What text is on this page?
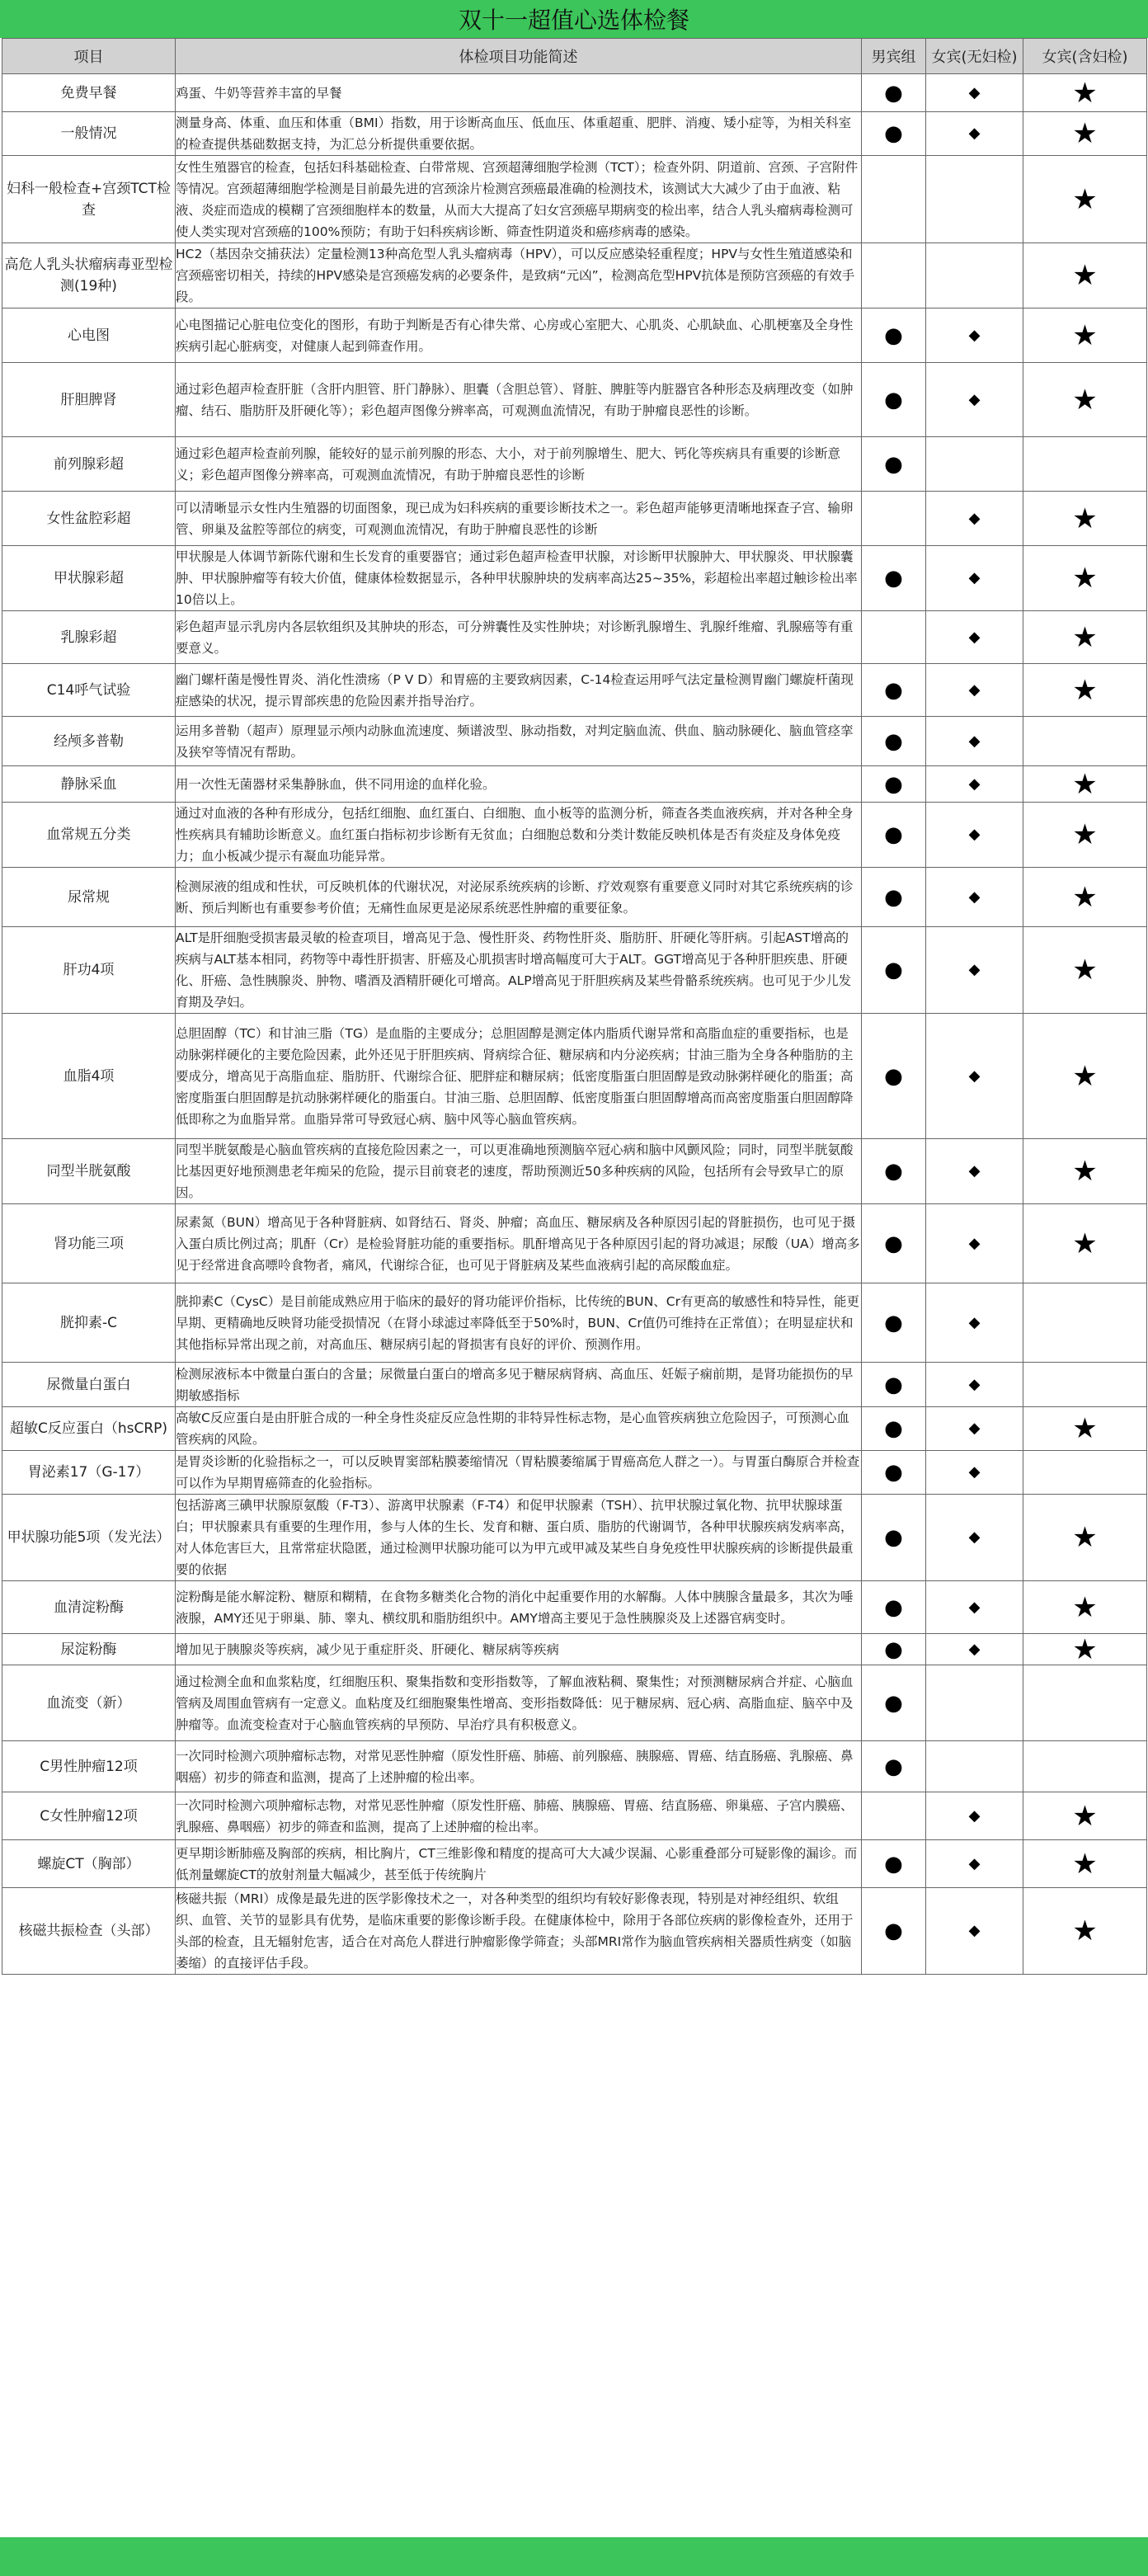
双十一超值心选体检餐
项目	体检项目功能简述	男宾组	女宾(无妇检)	女宾(含妇检)
免费早餐	鸡蛋、牛奶等营养丰富的早餐	●	◆	★
一般情况	测量身高、体重、血压和体重（BMI）指数，用于诊断高血压、低血压、体重超重、肥胖、消瘦、矮小症等，为相关科室的检查提供基础数据支持，为汇总分析提供重要依据。	●	◆	★
妇科一般检查+宫颈TCT检查	女性生殖器官的检查，包括妇科基础检查、白带常规、宫颈超薄细胞学检测（TCT）；检查外阴、阴道前、宫颈、子宫附件等情况。宫颈超薄细胞学检测是目前最先进的宫颈涂片检测宫颈癌最准确的检测技术，该测试大大减少了由于血液、粘液、炎症而造成的模糊了宫颈细胞样本的数量，从而大大提高了妇女宫颈癌早期病变的检出率，结合人乳头瘤病毒检测可使人类实现对宫颈癌的100%预防；有助于妇科疾病诊断、筛查性阴道炎和癌疹病毒的感染。			★
高危人乳头状瘤病毒亚型检测(19种)	HC2（基因杂交捕获法）定量检测13种高危型人乳头瘤病毒（HPV），可以反应感染轻重程度；HPV与女性生殖道感染和宫颈癌密切相关，持续的HPV感染是宫颈癌发病的必要条件，是致病“元凶”，检测高危型HPV抗体是预防宫颈癌的有效手段。			★
心电图	心电图描记心脏电位变化的图形，有助于判断是否有心律失常、心房或心室肥大、心肌炎、心肌缺血、心肌梗塞及全身性疾病引起心脏病变，对健康人起到筛查作用。	●	◆	★
肝胆脾肾	通过彩色超声检查肝脏（含肝内胆管、肝门静脉）、胆囊（含胆总管）、肾脏、脾脏等内脏器官各种形态及病理改变（如肿瘤、结石、脂肪肝及肝硬化等）；彩色超声图像分辨率高，可观测血流情况，有助于肿瘤良恶性的诊断。	●	◆	★
前列腺彩超	通过彩色超声检查前列腺，能较好的显示前列腺的形态、大小，对于前列腺增生、肥大、钙化等疾病具有重要的诊断意义；彩色超声图像分辨率高，可观测血流情况，有助于肿瘤良恶性的诊断	●		
女性盆腔彩超	可以清晰显示女性内生殖器的切面图象，现已成为妇科疾病的重要诊断技术之一。彩色超声能够更清晰地探查子宫、输卵管、卵巢及盆腔等部位的病变，可观测血流情况，有助于肿瘤良恶性的诊断		◆	★
甲状腺彩超	甲状腺是人体调节新陈代谢和生长发育的重要器官；通过彩色超声检查甲状腺，对诊断甲状腺肿大、甲状腺炎、甲状腺囊肿、甲状腺肿瘤等有较大价值，健康体检数据显示，各种甲状腺肿块的发病率高达25~35%，彩超检出率超过触诊检出率10倍以上。	●	◆	★
乳腺彩超	彩色超声显示乳房内各层软组织及其肿块的形态，可分辨囊性及实性肿块；对诊断乳腺增生、乳腺纤维瘤、乳腺癌等有重要意义。		◆	★
C14呼气试验	幽门螺杆菌是慢性胃炎、消化性溃疡（P V D）和胃癌的主要致病因素，C-14检查运用呼气法定量检测胃幽门螺旋杆菌现症感染的状况，提示胃部疾患的危险因素并指导治疗。	●	◆	★
经颅多普勒	运用多普勒（超声）原理显示颅内动脉血流速度、频谱波型、脉动指数，对判定脑血流、供血、脑动脉硬化、脑血管痉挛及狭窄等情况有帮助。	●	◆	
静脉采血	用一次性无菌器材采集静脉血，供不同用途的血样化验。	●	◆	★
血常规五分类	通过对血液的各种有形成分，包括红细胞、血红蛋白、白细胞、血小板等的监测分析，筛查各类血液疾病，并对各种全身性疾病具有辅助诊断意义。血红蛋白指标初步诊断有无贫血；白细胞总数和分类计数能反映机体是否有炎症及身体免疫力；血小板减少提示有凝血功能异常。	●	◆	★
尿常规	检测尿液的组成和性状，可反映机体的代谢状况，对泌尿系统疾病的诊断、疗效观察有重要意义同时对其它系统疾病的诊断、预后判断也有重要参考价值；无痛性血尿更是泌尿系统恶性肿瘤的重要征象。	●	◆	★
肝功4项	ALT是肝细胞受损害最灵敏的检查项目，增高见于急、慢性肝炎、药物性肝炎、脂肪肝、肝硬化等肝病。引起AST增高的疾病与ALT基本相同，药物等中毒性肝损害、肝癌及心肌损害时增高幅度可大于ALT。GGT增高见于各种肝胆疾患、肝硬化、肝癌、急性胰腺炎、肿物、嗜酒及酒精肝硬化可增高。ALP增高见于肝胆疾病及某些骨骼系统疾病。也可见于少儿发育期及孕妇。	●	◆	★
血脂4项	总胆固醇（TC）和甘油三脂（TG）是血脂的主要成分；总胆固醇是测定体内脂质代谢异常和高脂血症的重要指标，也是动脉粥样硬化的主要危险因素，此外还见于肝胆疾病、肾病综合征、糖尿病和内分泌疾病；甘油三脂为全身各种脂肪的主要成分，增高见于高脂血症、脂肪肝、代谢综合征、肥胖症和糖尿病；低密度脂蛋白胆固醇是致动脉粥样硬化的脂蛋；高密度脂蛋白胆固醇是抗动脉粥样硬化的脂蛋白。甘油三脂、总胆固醇、低密度脂蛋白胆固醇增高而高密度脂蛋白胆固醇降低即称之为血脂异常。血脂异常可导致冠心病、脑中风等心脑血管疾病。	●	◆	★
同型半胱氨酸	同型半胱氨酸是心脑血管疾病的直接危险因素之一，可以更准确地预测脑卒冠心病和脑中风颤风险；同时，同型半胱氨酸比基因更好地预测患老年痴呆的危险，提示目前衰老的速度，帮助预测近50多种疾病的风险，包括所有会导致早亡的原因。	●	◆	★
肾功能三项	尿素氮（BUN）增高见于各种肾脏病、如肾结石、肾炎、肿瘤；高血压、糖尿病及各种原因引起的肾脏损伤，也可见于摄入蛋白质比例过高；肌酐（Cr）是检验肾脏功能的重要指标。肌酐增高见于各种原因引起的肾功减退；尿酸（UA）增高多见于经常进食高嘌呤食物者，痛风，代谢综合征，也可见于肾脏病及某些血液病引起的高尿酸血症。	●	◆	★
胱抑素-C	胱抑素C（CysC）是目前能成熟应用于临床的最好的肾功能评价指标，比传统的BUN、Cr有更高的敏感性和特异性，能更早期、更精确地反映肾功能受损情况（在肾小球滤过率降低至于50%时，BUN、Cr值仍可维持在正常值）；在明显症状和其他指标异常出现之前，对高血压、糖尿病引起的肾损害有良好的评价、预测作用。	●	◆	
尿微量白蛋白	检测尿液标本中微量白蛋白的含量；尿微量白蛋白的增高多见于糖尿病肾病、高血压、妊娠子痫前期，是肾功能损伤的早期敏感指标	●	◆	
超敏C反应蛋白（hsCRP)	高敏C反应蛋白是由肝脏合成的一种全身性炎症反应急性期的非特异性标志物，是心血管疾病独立危险因子，可预测心血管疾病的风险。	●	◆	★
胃泌素17（G-17）	是胃炎诊断的化验指标之一，可以反映胃窦部粘膜萎缩情况（胃粘膜萎缩属于胃癌高危人群之一）。与胃蛋白酶原合并检查可以作为早期胃癌筛查的化验指标。	●	◆	
甲状腺功能5项（发光法）	包括游离三碘甲状腺原氨酸（F-T3）、游离甲状腺素（F-T4）和促甲状腺素（TSH）、抗甲状腺过氧化物、抗甲状腺球蛋白；甲状腺素具有重要的生理作用，参与人体的生长、发育和糖、蛋白质、脂肪的代谢调节，各种甲状腺疾病发病率高，对人体危害巨大，且常常症状隐匿，通过检测甲状腺功能可以为甲亢或甲减及某些自身免疫性甲状腺疾病的诊断提供最重要的依据	●	◆	★
血清淀粉酶	淀粉酶是能水解淀粉、糖原和糊精，在食物多糖类化合物的消化中起重要作用的水解酶。人体中胰腺含量最多，其次为唾液腺，AMY还见于卵巢、肺、睾丸、横纹肌和脂肪组织中。AMY增高主要见于急性胰腺炎及上述器官病变时。	●	◆	★
尿淀粉酶	增加见于胰腺炎等疾病，减少见于重症肝炎、肝硬化、糖尿病等疾病	●	◆	★
血流变（新）	通过检测全血和血浆粘度，红细胞压积、聚集指数和变形指数等，了解血液粘稠、聚集性；对预测糖尿病合并症、心脑血管病及周围血管病有一定意义。血粘度及红细胞聚集性增高、变形指数降低：见于糖尿病、冠心病、高脂血症、脑卒中及肿瘤等。血流变检查对于心脑血管疾病的早预防、早治疗具有积极意义。	●		
C男性肿瘤12项	一次同时检测六项肿瘤标志物，对常见恶性肿瘤（原发性肝癌、肺癌、前列腺癌、胰腺癌、胃癌、结直肠癌、乳腺癌、鼻咽癌）初步的筛查和监测，提高了上述肿瘤的检出率。	●		
C女性肿瘤12项	一次同时检测六项肿瘤标志物，对常见恶性肿瘤（原发性肝癌、肺癌、胰腺癌、胃癌、结直肠癌、卵巢癌、子宫内膜癌、乳腺癌、鼻咽癌）初步的筛查和监测，提高了上述肿瘤的检出率。		◆	★
螺旋CT（胸部）	更早期诊断肺癌及胸部的疾病，相比胸片，CT三维影像和精度的提高可大大减少误漏、心影重叠部分可疑影像的漏诊。而低剂量螺旋CT的放射剂量大幅减少，甚至低于传统胸片	●	◆	★
核磁共振检查（头部）	核磁共振（MRI）成像是最先进的医学影像技术之一，对各种类型的组织均有较好影像表现，特别是对神经组织、软组织、血管、关节的显影具有优势，是临床重要的影像诊断手段。在健康体检中，除用于各部位疾病的影像检查外，还用于头部的检查，且无辐射危害，适合在对高危人群进行肿瘤影像学筛查；头部MRI常作为脑血管疾病相关器质性病变（如脑萎缩）的直接评估手段。	●	◆	★
